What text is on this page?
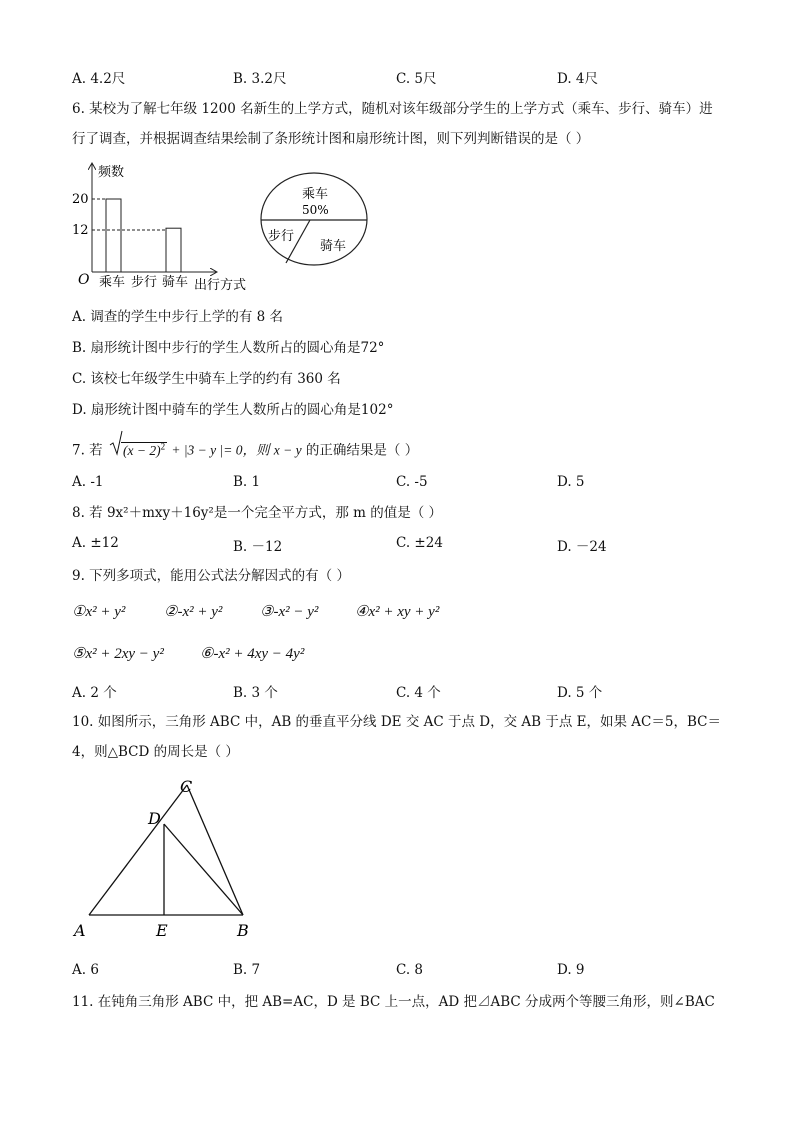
A. 4.2尺	B. 3.2尺	C. 5尺	D. 4尺
6. 某校为了解七年级 1200 名新生的上学方式，随机对该年级部分学生的上学方式（乘车、步行、骑车）进
行了调查，并根据调查结果绘制了条形统计图和扇形统计图，则下列判断错误的是（ ）
频数
O
20
12
乘车 步行 骑车 出行方式
乘车
50%
步行
骑车
A. 调查的学生中步行上学的有 8 名
B. 扇形统计图中步行的学生人数所占的圆心角是72°
C. 该校七年级学生中骑车上学的约有 360 名
D. 扇形统计图中骑车的学生人数所占的圆心角是102°
7. 若 $(x - 2)^2 + |3 - y$ |= 0，则 x − y 的正确结果是（ ）
A. -1	B. 1	C. -5	D. 5
8. 若 9x²＋mxy＋16y²是一个完全平方式，那 m 的值是（ ）
A. ±12	B. －12	C. ±24	D. －24
9. 下列多项式，能用公式法分解因式的有（ ）
①x² + y²	②-x² + y²	③-x² − y² ④x² + xy + y²
⑤x² + 2xy − y² ⑥-x² + 4xy − 4y²
A. 2 个	B. 3 个	C. 4 个	D. 5 个
10. 如图所示，三角形 ABC 中，AB 的垂直平分线 DE 交 AC 于点 D，交 AB 于点 E，如果 AC＝5，BC＝
4，则△BCD 的周长是（ ）
C
D
A	E	B
A. 6	B. 7	C. 8	D. 9
11. 在钝角三角形 ABC 中，把 AB=AC，D 是 BC 上一点，AD 把⊿ABC 分成两个等腰三角形，则∠BAC
